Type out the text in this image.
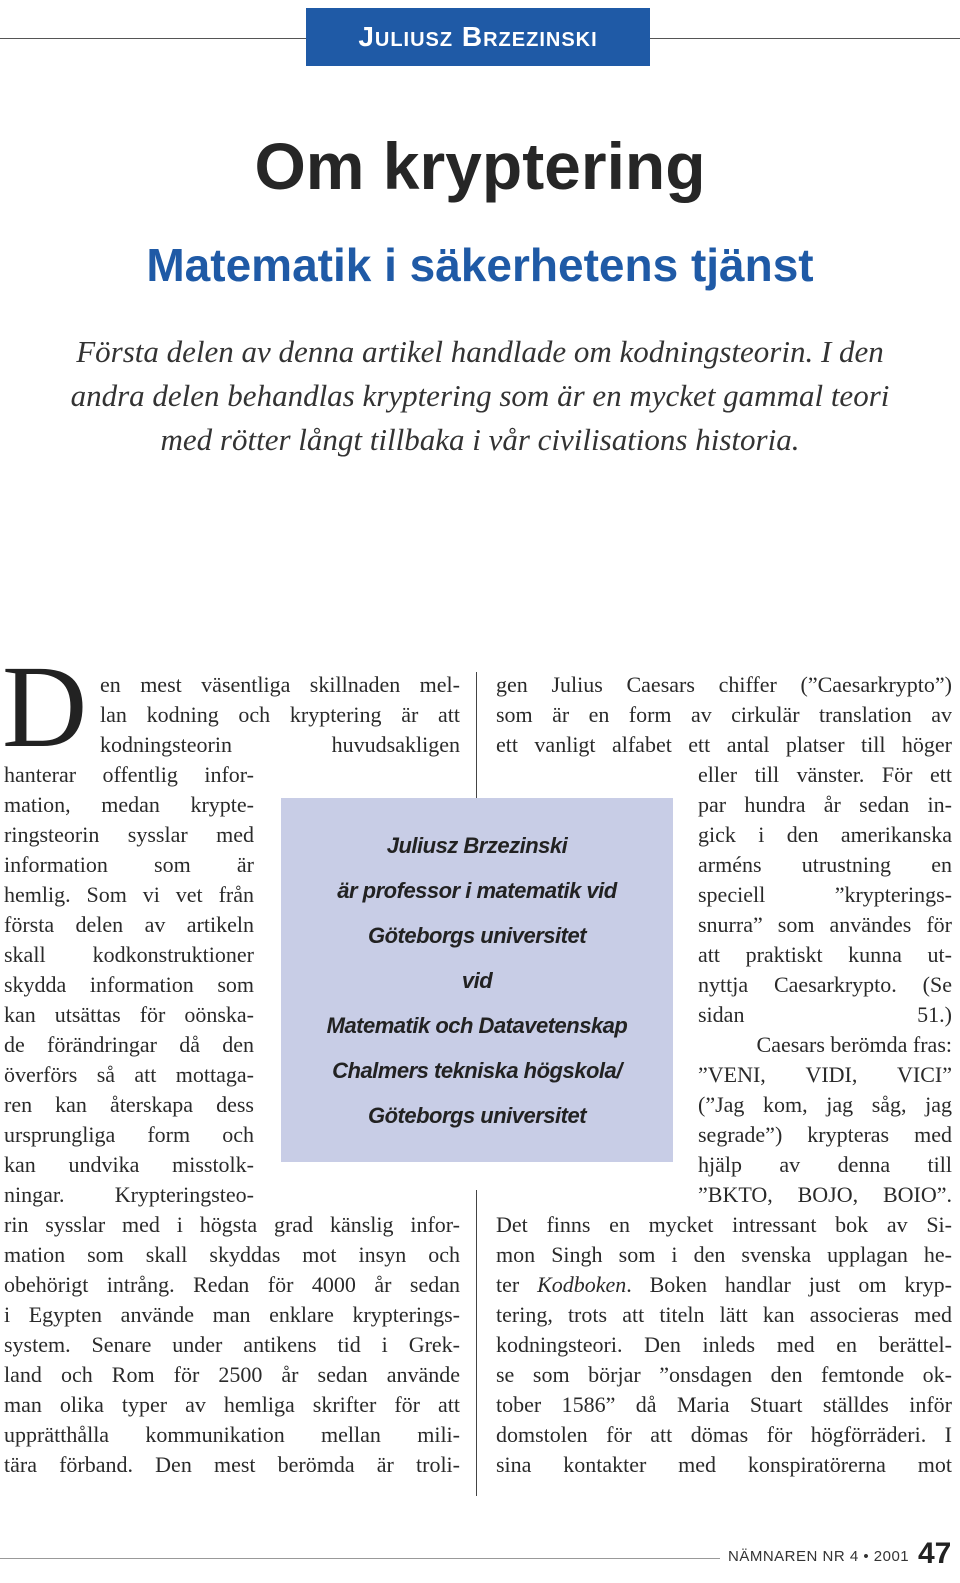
Juliusz Brzezinski
Om kryptering
Matematik i säkerhetens tjänst

Första delen av denna artikel handlade om kodningsteorin. I den andra delen behandlas kryptering som är en mycket gammal teori med rötter långt tillbaka i vår civilisations historia.

D en mest väsentliga skillnaden mel-
lan kodning och kryptering är att
kodningsteorin huvudsakligen
hanterar offentlig infor-
mation, medan krypte-
ringsteorin sysslar med
information som är
hemlig. Som vi vet från
första delen av artikeln
skall kodkonstruktioner
skydda information som
kan utsättas för oönska-
de förändringar då den
överförs så att mottaga-
ren kan återskapa dess
ursprungliga form och
kan undvika misstolk-
ningar. Krypteringsteo-
rin sysslar med i högsta grad känslig infor-
mation som skall skyddas mot insyn och
obehörigt intrång. Redan för 4000 år sedan
i Egypten använde man enklare krypterings-
system. Senare under antikens tid i Grek-
land och Rom för 2500 år sedan använde
man olika typer av hemliga skrifter för att
upprätthålla kommunikation mellan mili-
tära förband. Den mest berömda är troli-
gen Julius Caesars chiffer (”Caesarkrypto”)
som är en form av cirkulär translation av
ett vanligt alfabet ett antal platser till höger
eller till vänster. För ett
par hundra år sedan in-
gick i den amerikanska
arméns utrustning en
speciell ”krypterings-
snurra” som användes för
att praktiskt kunna ut-
nyttja Caesarkrypto. (Se
sidan 51.)
Caesars berömda fras:
”VENI, VIDI, VICI”
(”Jag kom, jag såg, jag
segrade”) krypteras med
hjälp av denna till
”BKTO, BOJO, BOIO”.
Det finns en mycket intressant bok av Si-
mon Singh som i den svenska upplagan he-
ter Kodboken. Boken handlar just om kryp-
tering, trots att titeln lätt kan associeras med
kodningsteori. Den inleds med en berättel-
se som börjar ”onsdagen den femtonde ok-
tober 1586” då Maria Stuart ställdes inför
domstolen för att dömas för högförräderi. I
sina kontakter med konspiratörerna mot
Juliusz Brzezinski
är professor i matematik vid
Göteborgs universitet
vid
Matematik och Datavetenskap
Chalmers tekniska högskola/
Göteborgs universitet
NÄMNAREN NR 4 • 2001 47
